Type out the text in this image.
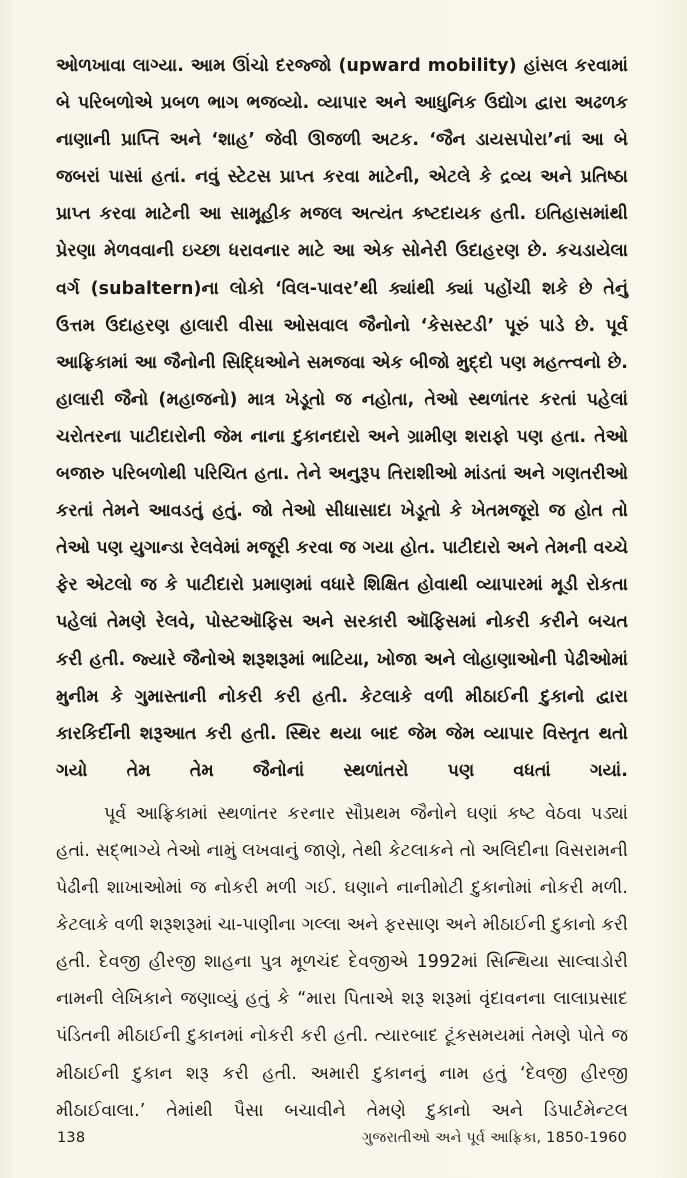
ઓળખાવા લાગ્યા. આમ ઊંચો દરજ્જો (upward mobility) હાંસલ કરવામાં બે પરિબળોએ પ્રબળ ભાગ ભજવ્યો. વ્યાપાર અને આધુનિક ઉદ્યોગ દ્વારા અઢળક નાણાની પ્રાપ્તિ અને ‘શાહ’ જેવી ઊજળી અટક. ‘જૈન ડાયસપોરા’નાં આ બે જબરાં પાસાં હતાં. નવું સ્ટેટસ પ્રાપ્ત કરવા માટેની, એટલે કે દ્રવ્ય અને પ્રતિષ્ઠા પ્રાપ્ત કરવા માટેની આ સામૂહીક મજલ અત્યંત કષ્ટદાયક હતી. ઇતિહાસમાંથી પ્રેરણા મેળવવાની ઇચ્છા ધરાવનાર માટે આ એક સોનેરી ઉદાહરણ છે. કચડાયેલા વર્ગ (subaltern)ના લોકો ‘વિલ-પાવર’થી ક્યાંથી ક્યાં પહોંચી શકે છે તેનું ઉત્તમ ઉદાહરણ હાલારી વીસા ઓસવાલ જૈનોનો ‘કેસસ્ટડી’ પૂરું પાડે છે. પૂર્વ આફ્રિકામાં આ જૈનોની સિદ્ધિઓને સમજવા એક બીજો મુદ્દો પણ મહત્ત્વનો છે. હાલારી જૈનો (મહાજનો) માત્ર ખેડૂતો જ નહોતા, તેઓ સ્થળાંતર કરતાં પહેલાં ચરોતરના પાટીદારોની જેમ નાના દુકાનદારો અને ગ્રામીણ શરાફો પણ હતા. તેઓ બજારુ પરિબળોથી પરિચિત હતા. તેને અનુરૂપ તિરાશીઓ માંડતાં અને ગણતરીઓ કરતાં તેમને આવડતું હતું. જો તેઓ સીધાસાદા ખેડૂતો કે ખેતમજૂરો જ હોત તો તેઓ પણ યુગાન્ડા રેલવેમાં મજૂરી કરવા જ ગયા હોત. પાટીદારો અને તેમની વચ્ચે ફેર એટલો જ કે પાટીદારો પ્રમાણમાં વધારે શિક્ષિત હોવાથી વ્યાપારમાં મૂડી રોકતા પહેલાં તેમણે રેલવે, પોસ્ટઑફિસ અને સરકારી ઑફિસમાં નોકરી કરીને બચત કરી હતી. જ્યારે જૈનોએ શરૂશરૂમાં ભાટિયા, ખોજા અને લોહાણાઓની પેઢીઓમાં મુનીમ કે ગુમાસ્તાની નોકરી કરી હતી. કેટલાકે વળી મીઠાઈની દુકાનો દ્વારા કારકિર્દીની શરૂઆત કરી હતી. સ્થિર થયા બાદ જેમ જેમ વ્યાપાર વિસ્તૃત થતો ગયો તેમ તેમ જૈનોનાં સ્થળાંતરો પણ વધતાં ગયાં.

પૂર્વ આફ્રિકામાં સ્થળાંતર કરનાર સૌપ્રથમ જૈનોને ઘણાં કષ્ટ વેઠવા પડ્યાં હતાં. સદ્ભાગ્યે તેઓ નામું લખવાનું જાણે, તેથી કેટલાકને તો અલિદીના વિસરામની પેઢીની શાખાઓમાં જ નોકરી મળી ગઈ. ઘણાને નાનીમોટી દુકાનોમાં નોકરી મળી. કેટલાકે વળી શરૂશરૂમાં ચા-પાણીના ગલ્લા અને ફરસાણ અને મીઠાઈની દુકાનો કરી હતી. દેવજી હીરજી શાહના પુત્ર મૂળચંદ દેવજીએ 1992માં સિન્થિયા સાલ્વાડોરી નામની લેખિકાને જણાવ્યું હતું કે “મારા પિતાએ શરૂ શરૂમાં વૃંદાવનના લાલાપ્રસાદ પંડિતની મીઠાઈની દુકાનમાં નોકરી કરી હતી. ત્યારબાદ ટૂંકસમયમાં તેમણે પોતે જ મીઠાઈની દુકાન શરૂ કરી હતી. અમારી દુકાનનું નામ હતું ‘દેવજી હીરજી મીઠાઈવાલા.’ તેમાંથી પૈસા બચાવીને તેમણે દુકાનો અને ડિપાર્ટમેન્ટલ

138	ગુજરાતીઓ અને પૂર્વ આફ્રિકા, 1850-1960
